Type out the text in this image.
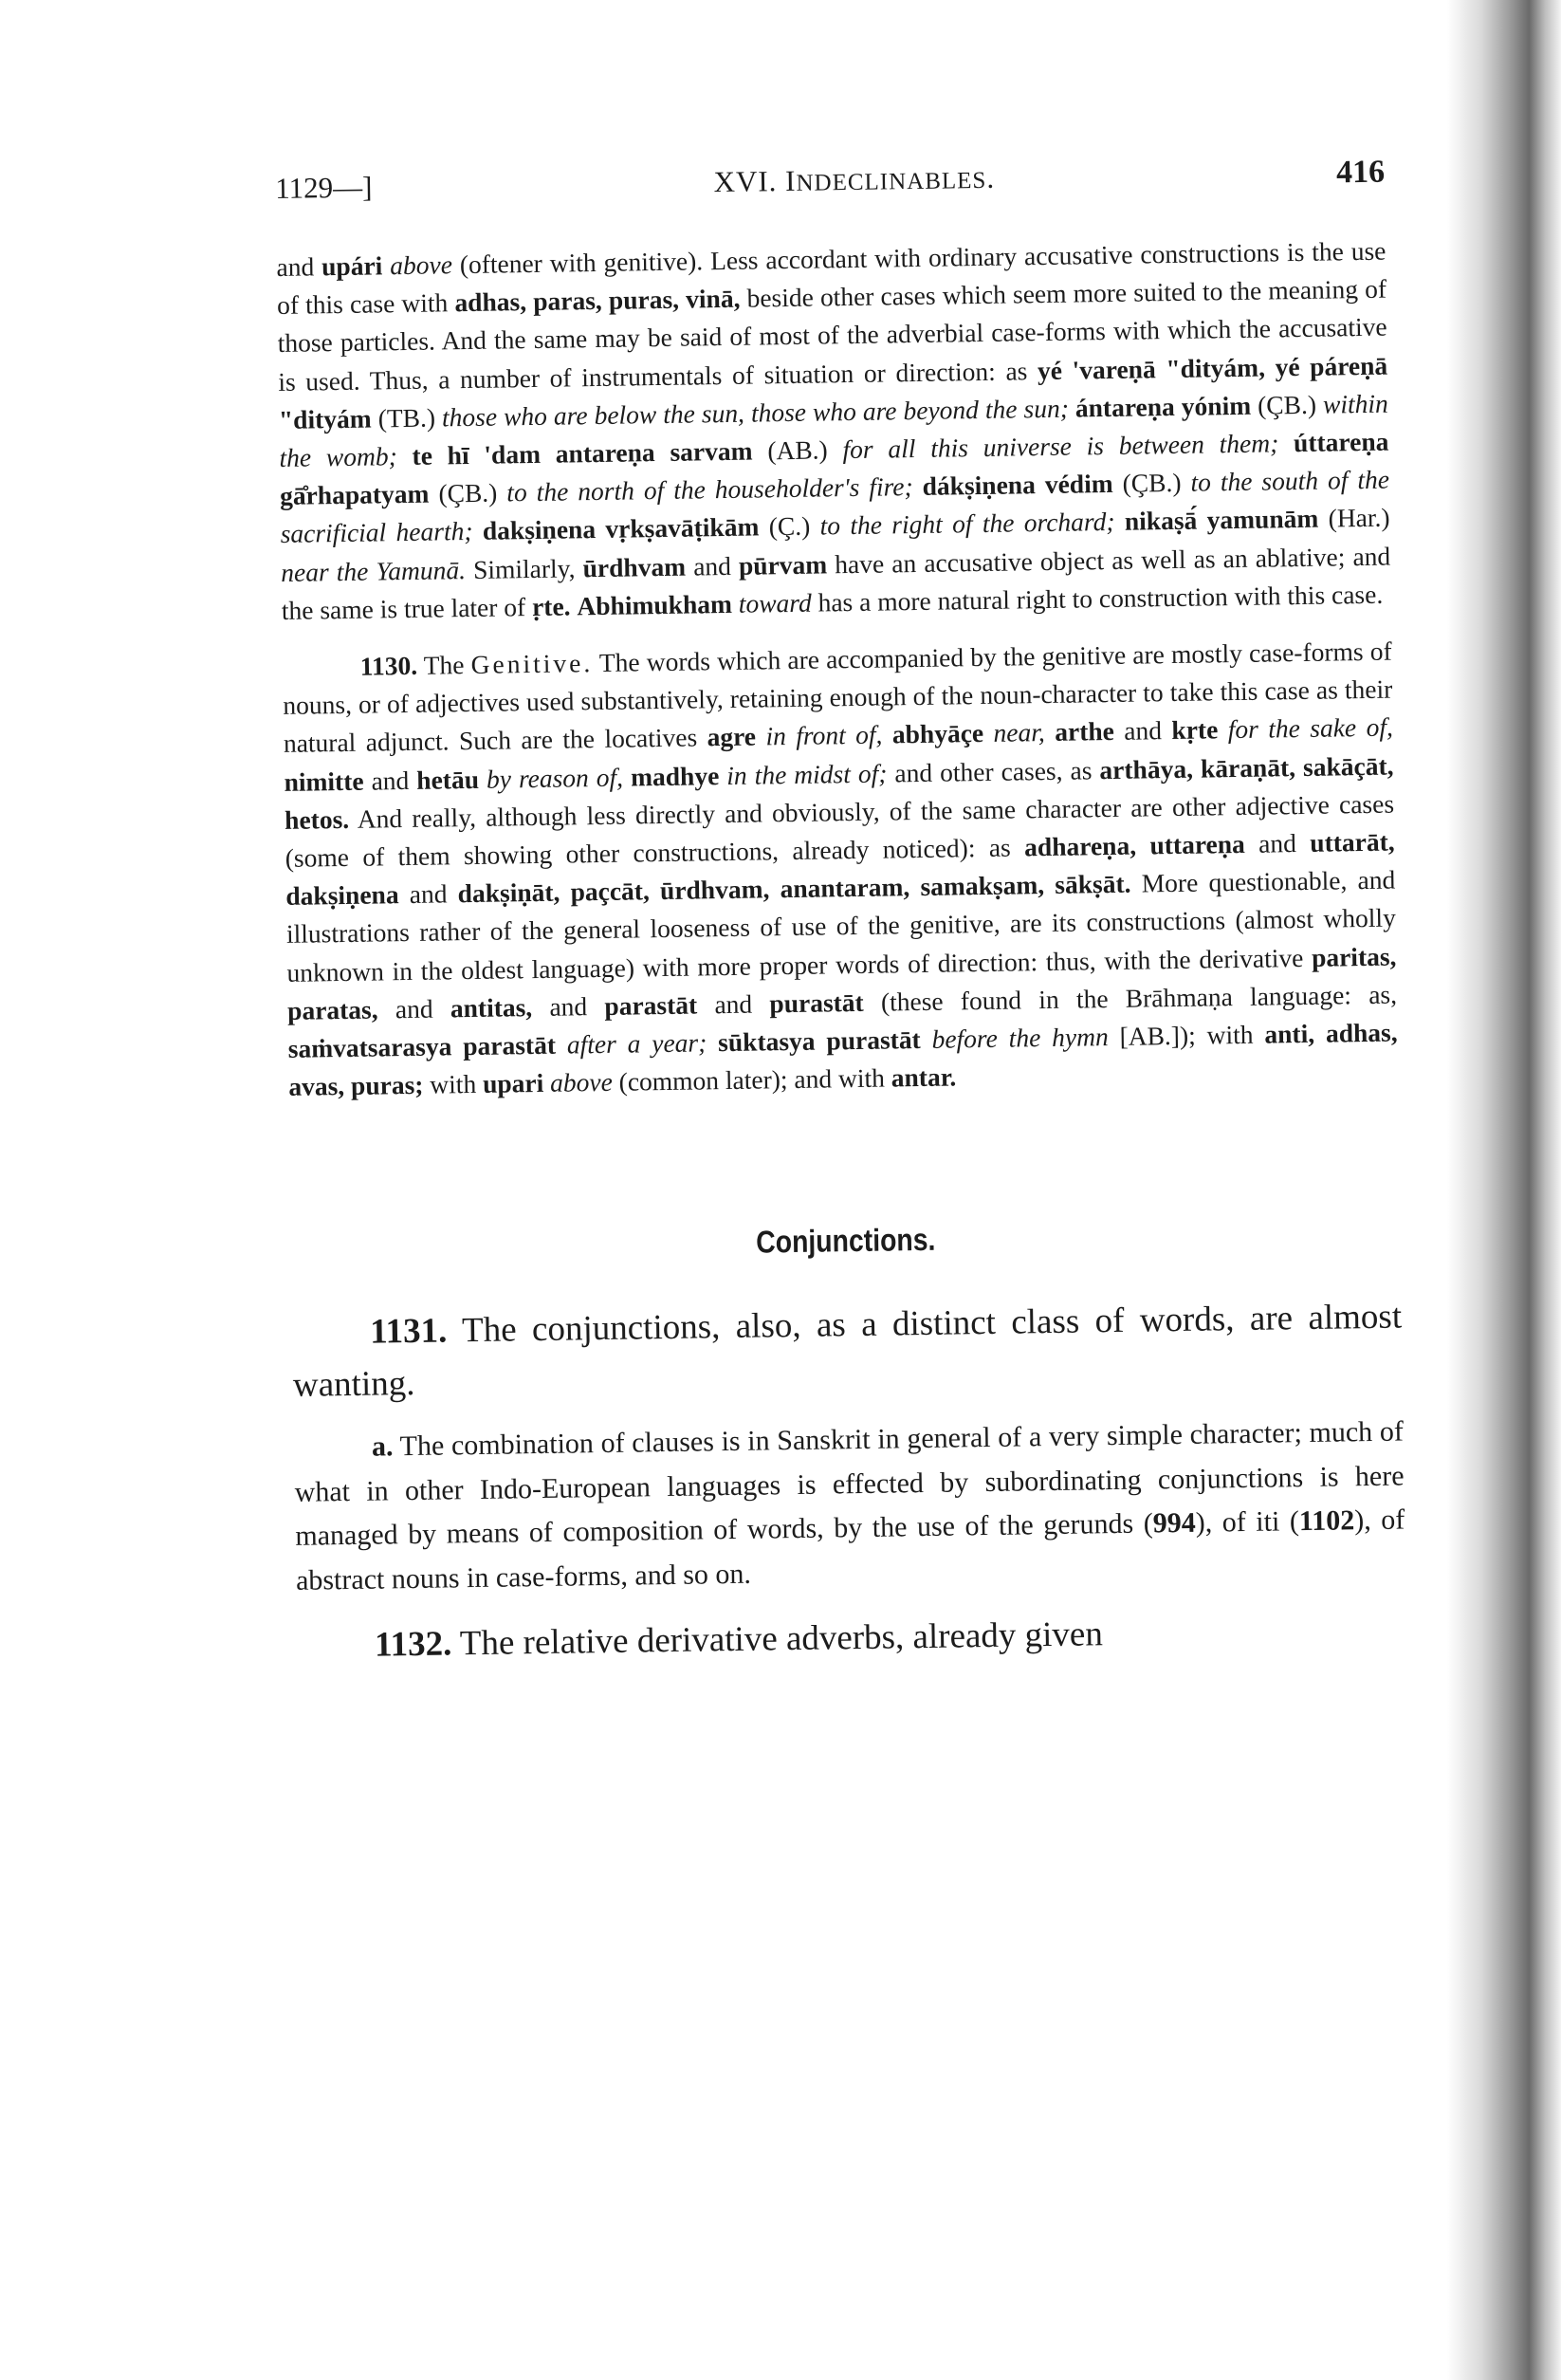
1129—]	XVI. INDECLINABLES.	416

and upári above (oftener with genitive). Less accordant with ordinary accusative constructions is the use of this case with adhas, paras, puras, vinā, beside other cases which seem more suited to the meaning of those particles. And the same may be said of most of the adverbial case-forms with which the accusative is used. Thus, a number of instrumentals of situation or direction: as yé 'vareṇā "dityám, yé páreṇā "dityám (TB.) those who are below the sun, those who are beyond the sun; ántareṇa yónim (ÇB.) within the womb; te hī 'dam antareṇa sarvam (AB.) for all this universe is between them; úttareṇa gā̊rhapatyam (ÇB.) to the north of the householder's fire; dákṣiṇena védim (ÇB.) to the south of the sacrificial hearth; dakṣiṇena vṛkṣavāṭikām (Ç.) to the right of the orchard; nikaṣā́ yamunām (Har.) near the Yamunā. Similarly, ūrdhvam and pūrvam have an accusative object as well as an ablative; and the same is true later of ṛte. Abhimukham toward has a more natural right to construction with this case.

1130. The Genitive. The words which are accompanied by the genitive are mostly case-forms of nouns, or of adjectives used substantively, retaining enough of the noun-character to take this case as their natural adjunct. Such are the locatives agre in front of, abhyāçe near, arthe and kṛte for the sake of, nimitte and hetāu by reason of, madhye in the midst of; and other cases, as arthāya, kāraṇāt, sakāçāt, hetos. And really, although less directly and obviously, of the same character are other adjective cases (some of them showing other constructions, already noticed): as adhareṇa, uttareṇa and uttarāt, dakṣiṇena and dakṣiṇāt, paçcāt, ūrdhvam, anantaram, samakṣam, sākṣāt. More questionable, and illustrations rather of the general looseness of use of the genitive, are its constructions (almost wholly unknown in the oldest language) with more proper words of direction: thus, with the derivative paritas, paratas, and antitas, and parastāt and purastāt (these found in the Brāhmaṇa language: as, saṁvatsarasya parastāt after a year; sūktasya purastāt before the hymn [AB.]); with anti, adhas, avas, puras; with upari above (common later); and with antar.

Conjunctions.

1131. The conjunctions, also, as a distinct class of words, are almost wanting.

a. The combination of clauses is in Sanskrit in general of a very simple character; much of what in other Indo-European languages is effected by subordinating conjunctions is here managed by means of composition of words, by the use of the gerunds (994), of iti (1102), of abstract nouns in case-forms, and so on.

1132. The relative derivative adverbs, already given
